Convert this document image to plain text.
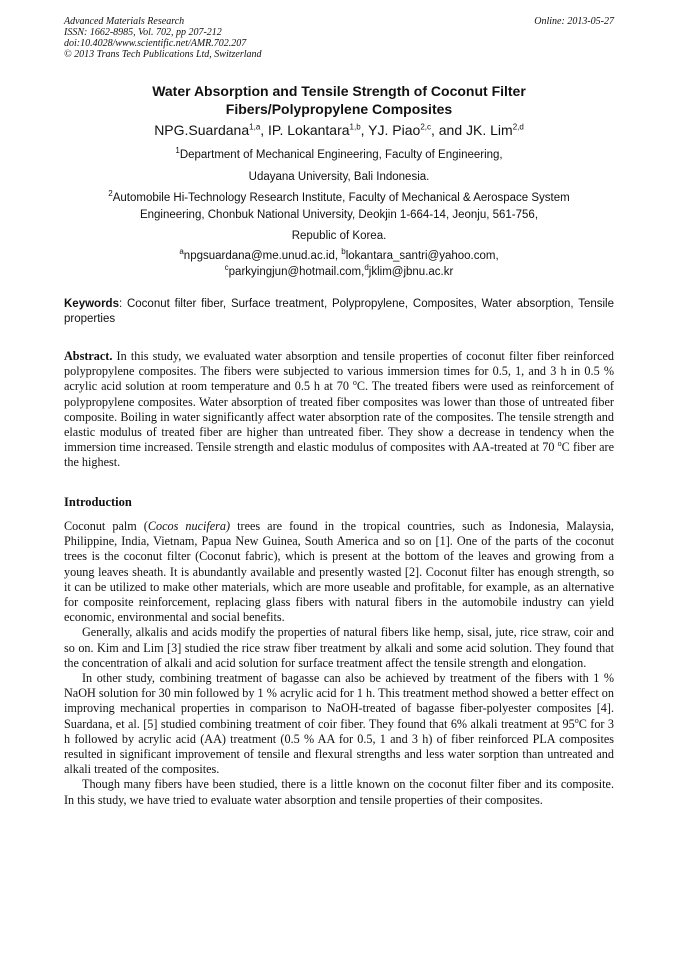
Advanced Materials Research
ISSN: 1662-8985, Vol. 702, pp 207-212
doi:10.4028/www.scientific.net/AMR.702.207
© 2013 Trans Tech Publications Ltd, Switzerland
Online: 2013-05-27
Water Absorption and Tensile Strength of Coconut Filter
Fibers/Polypropylene Composites
NPG.Suardana$^{1,a}$, IP. Lokantara$^{1,b}$, YJ. Piao$^{2,c}$, and JK. Lim$^{2,d}$
$^1$Department of Mechanical Engineering, Faculty of Engineering,
Udayana University, Bali Indonesia.
$^2$Automobile Hi-Technology Research Institute, Faculty of Mechanical & Aerospace System
Engineering, Chonbuk National University, Deokjin 1-664-14, Jeonju, 561-756,
Republic of Korea.
$^a$npgsuardana@me.unud.ac.id, $^b$lokantara_santri@yahoo.com,
$^c$parkyingjun@hotmail.com,$^d$jklim@jbnu.ac.kr
Keywords: Coconut filter fiber, Surface treatment, Polypropylene, Composites, Water absorption, Tensile properties
Abstract. In this study, we evaluated water absorption and tensile properties of coconut filter fiber reinforced polypropylene composites. The fibers were subjected to various immersion times for 0.5, 1, and 3 h in 0.5 % acrylic acid solution at room temperature and 0.5 h at 70 $^o$C. The treated fibers were used as reinforcement of polypropylene composites. Water absorption of treated fiber composites was lower than those of untreated fiber composite. Boiling in water significantly affect water absorption rate of the composites. The tensile strength and elastic modulus of treated fiber are higher than untreated fiber. They show a decrease in tendency when the immersion time increased. Tensile strength and elastic modulus of composites with AA-treated at 70 $^o$C fiber are the highest.
Introduction

Coconut palm (Cocos nucifera) trees are found in the tropical countries, such as Indonesia, Malaysia, Philippine, India, Vietnam, Papua New Guinea, South America and so on [1]. One of the parts of the coconut trees is the coconut filter (Coconut fabric), which is present at the bottom of the leaves and growing from a young leaves sheath. It is abundantly available and presently wasted [2]. Coconut filter has enough strength, so it can be utilized to make other materials, which are more useable and profitable, for example, as an alternative for composite reinforcement, replacing glass fibers with natural fibers in the automobile industry can yield economic, environmental and social benefits.

Generally, alkalis and acids modify the properties of natural fibers like hemp, sisal, jute, rice straw, coir and so on. Kim and Lim [3] studied the rice straw fiber treatment by alkali and some acid solution. They found that the concentration of alkali and acid solution for surface treatment affect the tensile strength and elongation.

In other study, combining treatment of bagasse can also be achieved by treatment of the fibers with 1 % NaOH solution for 30 min followed by 1 % acrylic acid for 1 h. This treatment method showed a better effect on improving mechanical properties in comparison to NaOH-treated of bagasse fiber-polyester composites [4]. Suardana, et al. [5] studied combining treatment of coir fiber. They found that 6% alkali treatment at 95$^o$C for 3 h followed by acrylic acid (AA) treatment (0.5 % AA for 0.5, 1 and 3 h) of fiber reinforced PLA composites resulted in significant improvement of tensile and flexural strengths and less water sorption than untreated and alkali treated of the composites.

Though many fibers have been studied, there is a little known on the coconut filter fiber and its composite. In this study, we have tried to evaluate water absorption and tensile properties of their composites.
